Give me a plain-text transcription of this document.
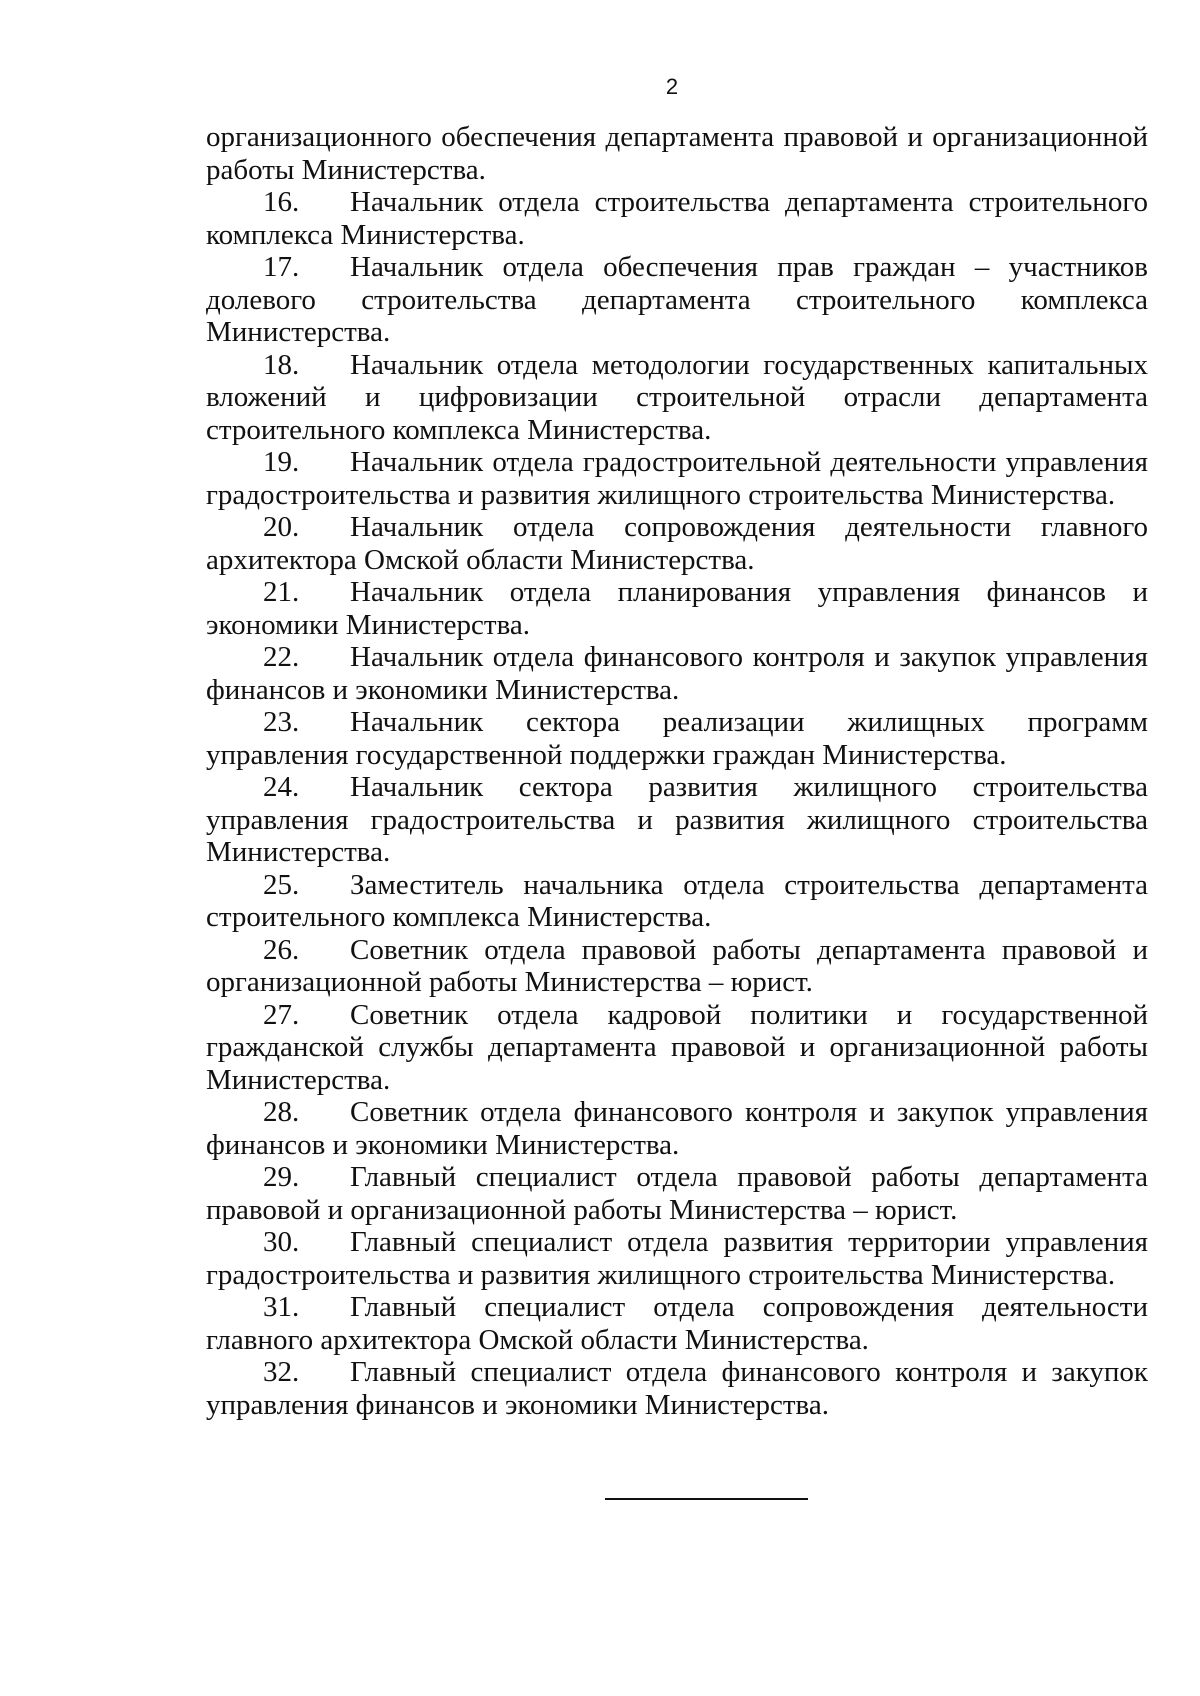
2

организационного обеспечения департамента правовой и организационной работы Министерства.

16. Начальник отдела строительства департамента строительного комплекса Министерства.

17. Начальник отдела обеспечения прав граждан – участников долевого строительства департамента строительного комплекса Министерства.

18. Начальник отдела методологии государственных капитальных вложений и цифровизации строительной отрасли департамента строительного комплекса Министерства.

19. Начальник отдела градостроительной деятельности управления градостроительства и развития жилищного строительства Министерства.

20. Начальник отдела сопровождения деятельности главного архитектора Омской области Министерства.

21. Начальник отдела планирования управления финансов и экономики Министерства.

22. Начальник отдела финансового контроля и закупок управления финансов и экономики Министерства.

23. Начальник сектора реализации жилищных программ управления государственной поддержки граждан Министерства.

24. Начальник сектора развития жилищного строительства управления градостроительства и развития жилищного строительства Министерства.

25. Заместитель начальника отдела строительства департамента строительного комплекса Министерства.

26. Советник отдела правовой работы департамента правовой и организационной работы Министерства – юрист.

27. Советник отдела кадровой политики и государственной гражданской службы департамента правовой и организационной работы Министерства.

28. Советник отдела финансового контроля и закупок управления финансов и экономики Министерства.

29. Главный специалист отдела правовой работы департамента правовой и организационной работы Министерства – юрист.

30. Главный специалист отдела развития территории управления градостроительства и развития жилищного строительства Министерства.

31. Главный специалист отдела сопровождения деятельности главного архитектора Омской области Министерства.

32. Главный специалист отдела финансового контроля и закупок управления финансов и экономики Министерства.
